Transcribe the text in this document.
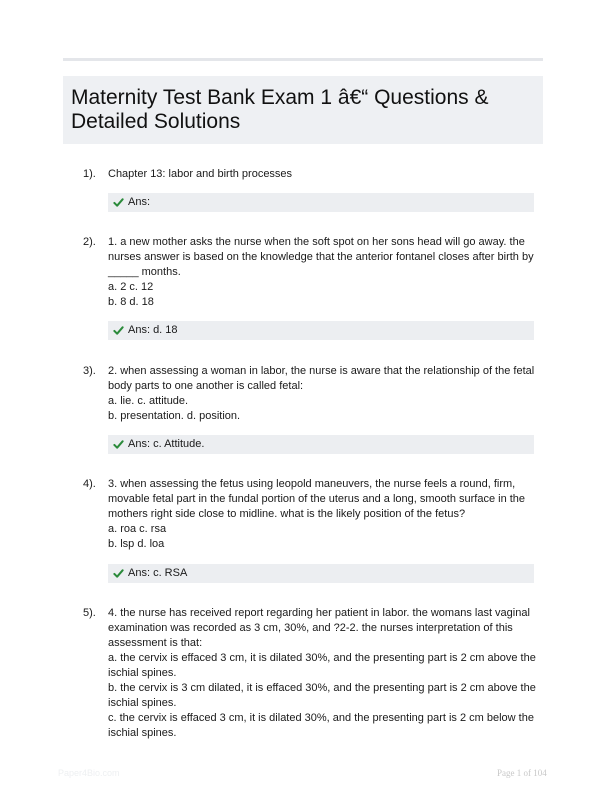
Maternity Test Bank Exam 1 â€“ Questions &
Detailed Solutions
1). Chapter 13: labor and birth processes
Ans:
2). 1. a new mother asks the nurse when the soft spot on her sons head will go away. the
nurses answer is based on the knowledge that the anterior fontanel closes after birth by
_____ months.
a. 2 c. 12
b. 8 d. 18
Ans: d. 18
3). 2. when assessing a woman in labor, the nurse is aware that the relationship of the fetal
body parts to one another is called fetal:
a. lie. c. attitude.
b. presentation. d. position.
Ans: c. Attitude.
4). 3. when assessing the fetus using leopold maneuvers, the nurse feels a round, firm,
movable fetal part in the fundal portion of the uterus and a long, smooth surface in the
mothers right side close to midline. what is the likely position of the fetus?
a. roa c. rsa
b. lsp d. loa
Ans: c. RSA
5). 4. the nurse has received report regarding her patient in labor. the womans last vaginal
examination was recorded as 3 cm, 30%, and ?2-2. the nurses interpretation of this
assessment is that:
a. the cervix is effaced 3 cm, it is dilated 30%, and the presenting part is 2 cm above the
ischial spines.
b. the cervix is 3 cm dilated, it is effaced 30%, and the presenting part is 2 cm above the
ischial spines.
c. the cervix is effaced 3 cm, it is dilated 30%, and the presenting part is 2 cm below the
ischial spines.
Paper4Bio.com	Page 1 of 104
